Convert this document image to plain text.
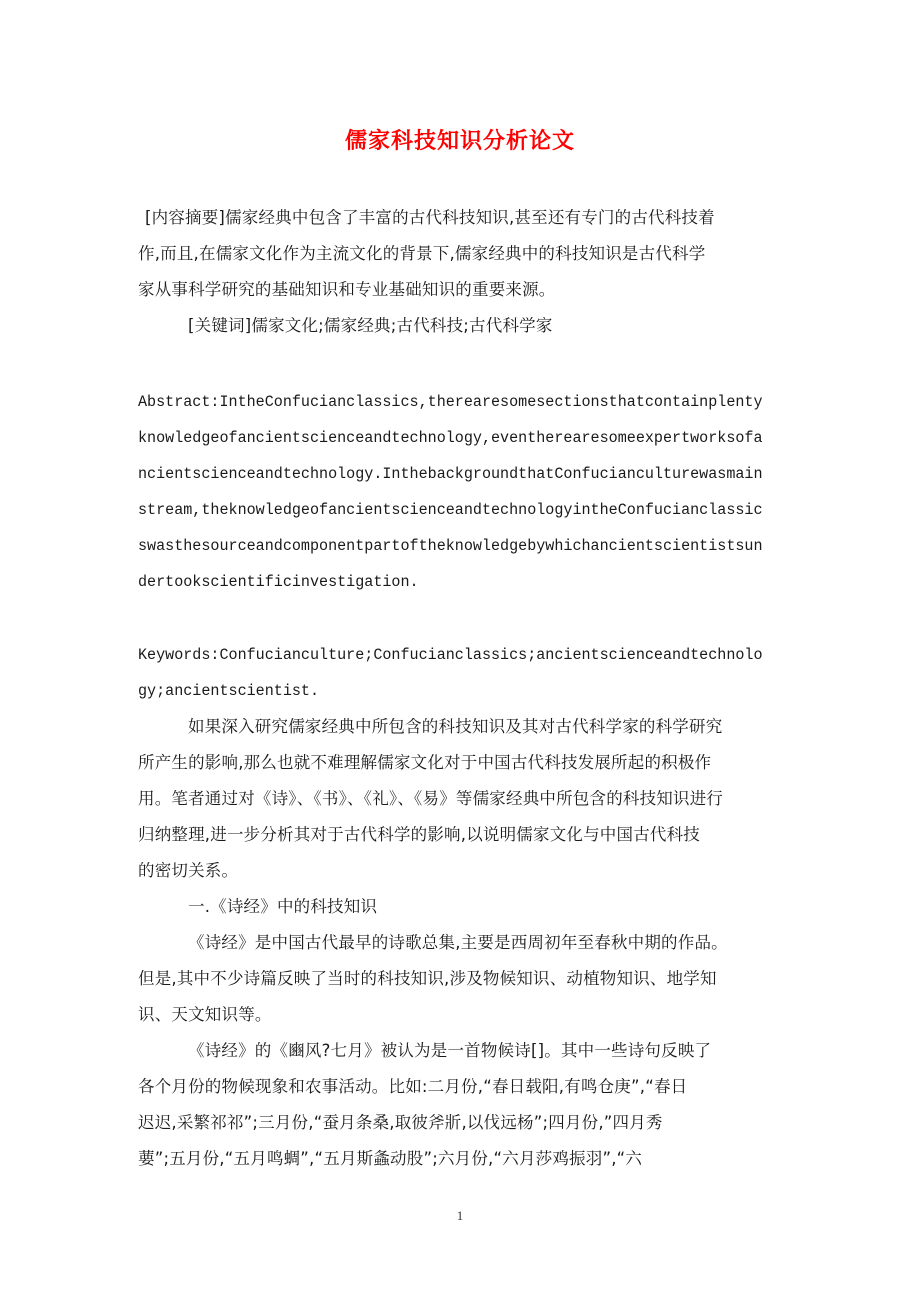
儒家科技知识分析论文
[内容摘要]儒家经典中包含了丰富的古代科技知识,甚至还有专门的古代科技着
作,而且,在儒家文化作为主流文化的背景下,儒家经典中的科技知识是古代科学
家从事科学研究的基础知识和专业基础知识的重要来源。
[关键词]儒家文化;儒家经典;古代科技;古代科学家
Abstract:IntheConfucianclassics,therearesomesectionsthatcontainplenty
knowledgeofancientscienceandtechnology,eventherearesomeexpertworksofa
ncientscienceandtechnology.InthebackgroundthatConfucianculturewasmain
stream,theknowledgeofancientscienceandtechnologyintheConfucianclassic
swasthesourceandcomponentpartoftheknowledgebywhichancientscientistsun
dertookscientificinvestigation.
Keywords:Confucianculture;Confucianclassics;ancientscienceandtechnolo
gy;ancientscientist.
如果深入研究儒家经典中所包含的科技知识及其对古代科学家的科学研究
所产生的影响,那么也就不难理解儒家文化对于中国古代科技发展所起的积极作
用。笔者通过对《诗》、《书》、《礼》、《易》等儒家经典中所包含的科技知识进行
归纳整理,进一步分析其对于古代科学的影响,以说明儒家文化与中国古代科技
的密切关系。
一.《诗经》中的科技知识
《诗经》是中国古代最早的诗歌总集,主要是西周初年至春秋中期的作品。
但是,其中不少诗篇反映了当时的科技知识,涉及物候知识、动植物知识、地学知
识、天文知识等。
《诗经》的《豳风?七月》被认为是一首物候诗[]。其中一些诗句反映了
各个月份的物候现象和农事活动。比如:二月份,“春日载阳,有鸣仓庚”,“春日
迟迟,采繁祁祁”;三月份,“蚕月条桑,取彼斧斨,以伐远杨”;四月份,”四月秀
葽”;五月份,“五月鸣蜩”,“五月斯螽动股”;六月份,“六月莎鸡振羽”,“六
1
